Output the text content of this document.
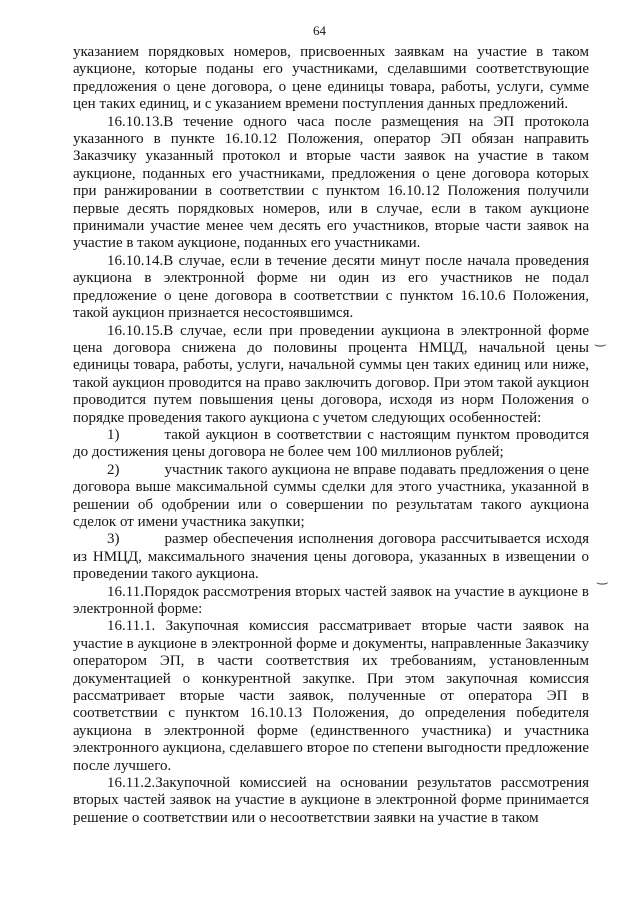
64

указанием порядковых номеров, присвоенных заявкам на участие в таком аукционе, которые поданы его участниками, сделавшими соответствующие предложения о цене договора, о цене единицы товара, работы, услуги, сумме цен таких единиц, и с указанием времени поступления данных предложений.

16.10.13.В течение одного часа после размещения на ЭП протокола указанного в пункте 16.10.12 Положения, оператор ЭП обязан направить Заказчику указанный протокол и вторые части заявок на участие в таком аукционе, поданных его участниками, предложения о цене договора которых при ранжировании в соответствии с пунктом 16.10.12 Положения получили первые десять порядковых номеров, или в случае, если в таком аукционе принимали участие менее чем десять его участников, вторые части заявок на участие в таком аукционе, поданных его участниками.

16.10.14.В случае, если в течение десяти минут после начала проведения аукциона в электронной форме ни один из его участников не подал предложение о цене договора в соответствии с пунктом 16.10.6 Положения, такой аукцион признается несостоявшимся.

16.10.15.В случае, если при проведении аукциона в электронной форме цена договора снижена до половины процента НМЦД, начальной цены единицы товара, работы, услуги, начальной суммы цен таких единиц или ниже, такой аукцион проводится на право заключить договор. При этом такой аукцион проводится путем повышения цены договора, исходя из норм Положения о порядке проведения такого аукциона с учетом следующих особенностей:

1)   такой аукцион в соответствии с настоящим пунктом проводится до достижения цены договора не более чем 100 миллионов рублей;

2)   участник такого аукциона не вправе подавать предложения о цене договора выше максимальной суммы сделки для этого участника, указанной в решении об одобрении или о совершении по результатам такого аукциона сделок от имени участника закупки;

3)   размер обеспечения исполнения договора рассчитывается исходя из НМЦД, максимального значения цены договора, указанных в извещении о проведении такого аукциона.

16.11.Порядок рассмотрения вторых частей заявок на участие в аукционе в электронной форме:

16.11.1. Закупочная комиссия рассматривает вторые части заявок на участие в аукционе в электронной форме и документы, направленные Заказчику оператором ЭП, в части соответствия их требованиям, установленным документацией о конкурентной закупке. При этом закупочная комиссия рассматривает вторые части заявок, полученные от оператора ЭП в соответствии с пунктом 16.10.13 Положения, до определения победителя аукциона в электронной форме (единственного участника) и участника электронного аукциона, сделавшего второе по степени выгодности предложение после лучшего.

16.11.2.Закупочной комиссией на основании результатов рассмотрения вторых частей заявок на участие в аукционе в электронной форме принимается решение о соответствии или о несоответствии заявки на участие в таком

⌣
⌣
